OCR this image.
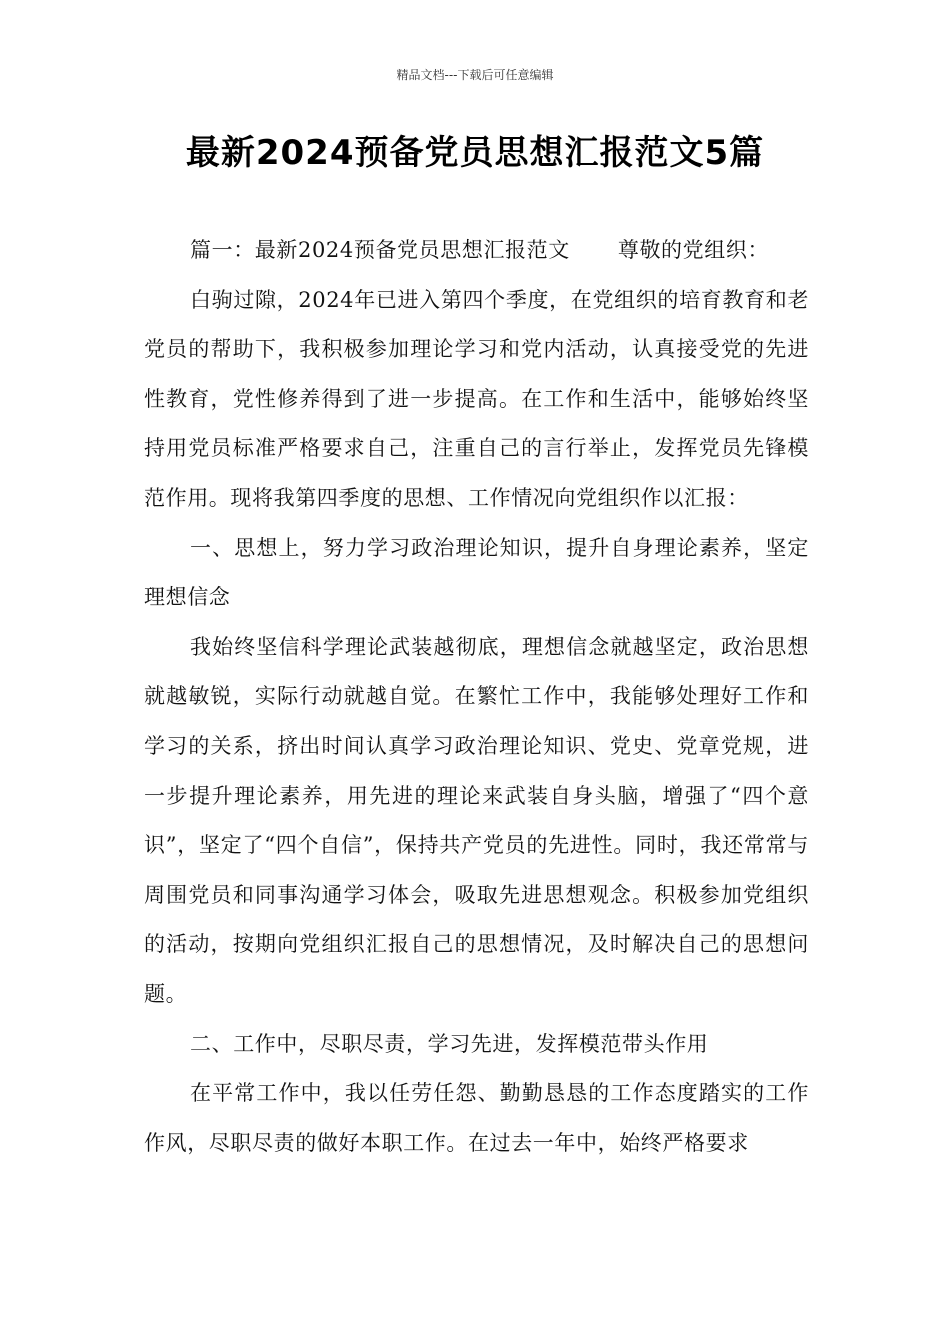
精品文档---下载后可任意编辑
最新2024预备党员思想汇报范文5篇

篇一：最新2024预备党员思想汇报范文 尊敬的党组织：

白驹过隙，2024年已进入第四个季度，在党组织的培育教育和老党员的帮助下，我积极参加理论学习和党内活动，认真接受党的先进性教育，党性修养得到了进一步提高。在工作和生活中，能够始终坚持用党员标准严格要求自己，注重自己的言行举止，发挥党员先锋模范作用。现将我第四季度的思想、工作情况向党组织作以汇报：

一、思想上，努力学习政治理论知识，提升自身理论素养，坚定理想信念

我始终坚信科学理论武装越彻底，理想信念就越坚定，政治思想就越敏锐，实际行动就越自觉。在繁忙工作中，我能够处理好工作和学习的关系，挤出时间认真学习政治理论知识、党史、党章党规，进一步提升理论素养，用先进的理论来武装自身头脑，增强了“四个意识”，坚定了“四个自信”，保持共产党员的先进性。同时，我还常常与周围党员和同事沟通学习体会，吸取先进思想观念。积极参加党组织的活动，按期向党组织汇报自己的思想情况，及时解决自己的思想问题。

二、工作中，尽职尽责，学习先进，发挥模范带头作用

在平常工作中，我以任劳任怨、勤勤恳恳的工作态度踏实的工作作风，尽职尽责的做好本职工作。在过去一年中，始终严格要求
